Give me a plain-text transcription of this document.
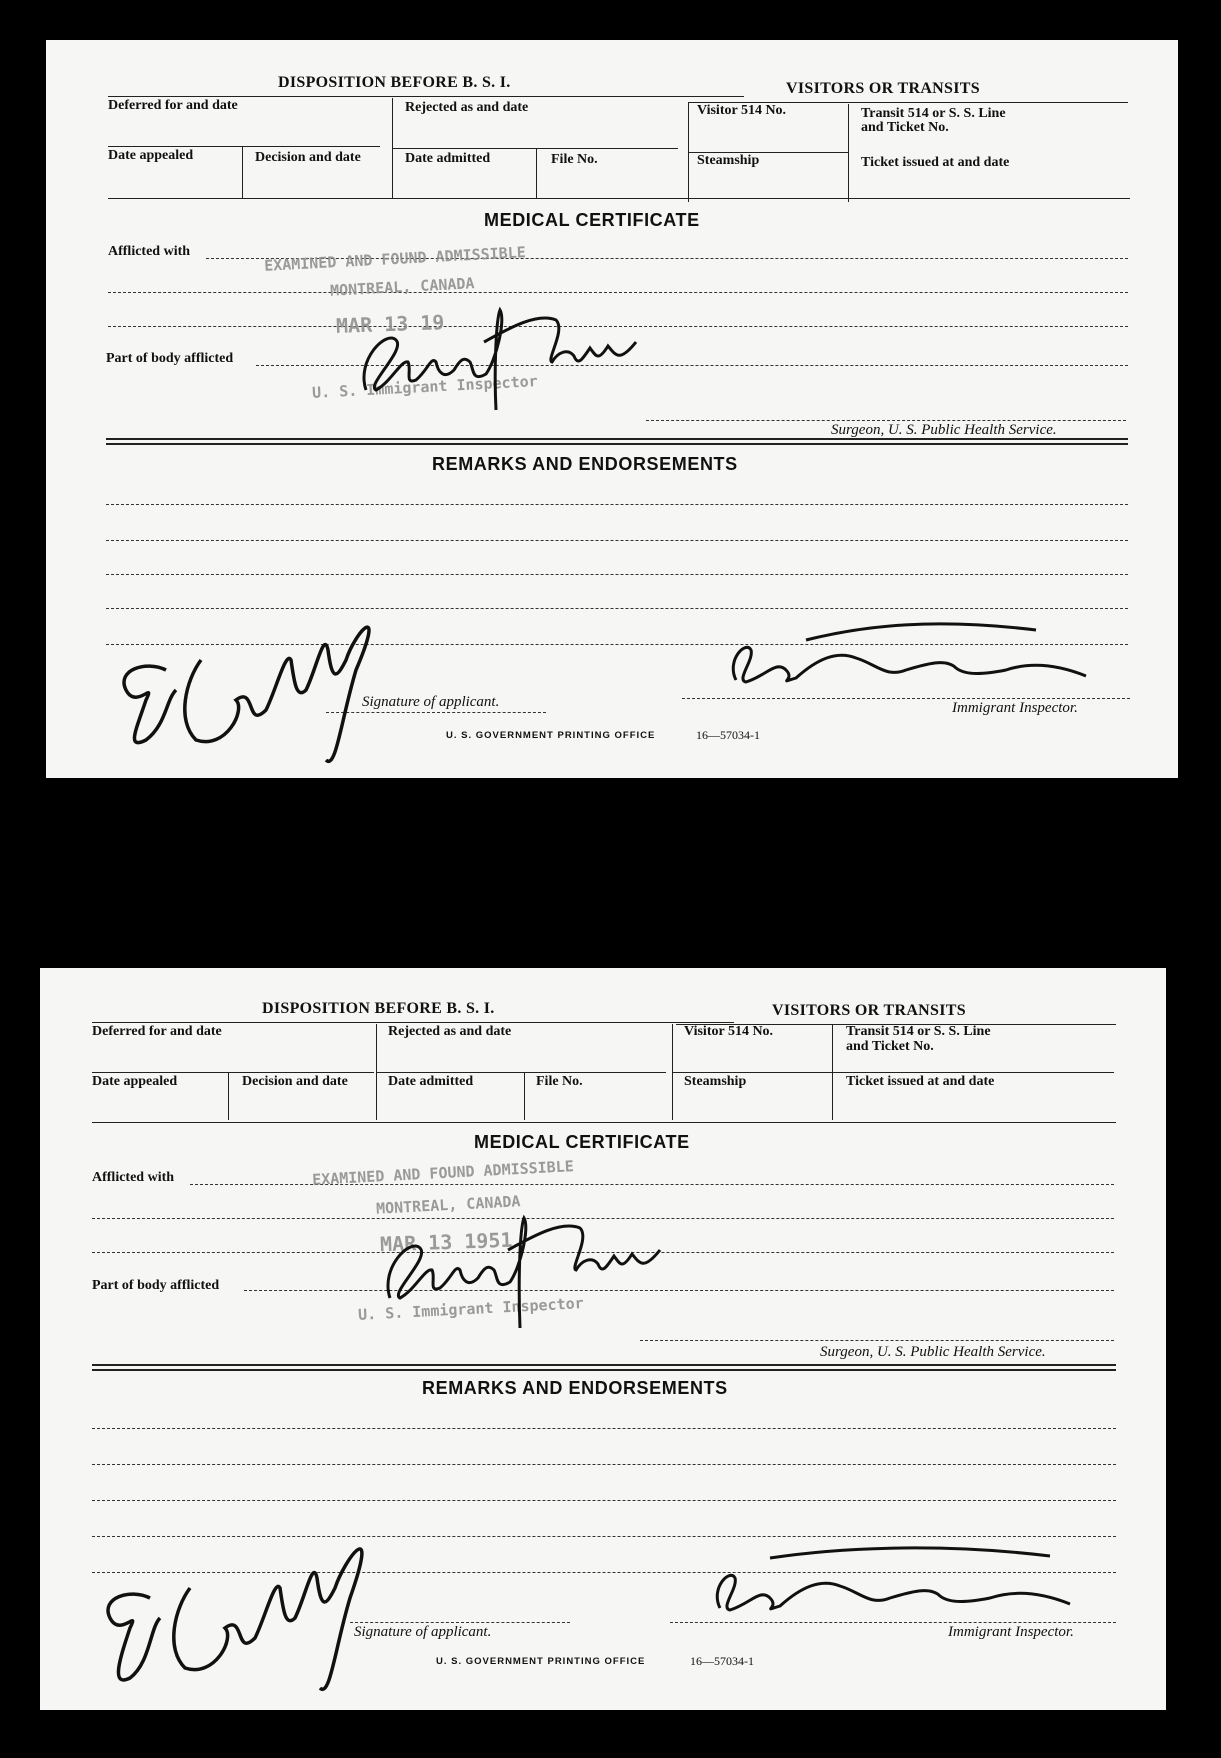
DISPOSITION BEFORE B. S. I.	VISITORS OR TRANSITS
Deferred for and date	Rejected as and date	Visitor 514 No.	Transit 514 or S. S. Line
and Ticket No.
Date appealed	Decision and date	Date admitted	File No.	Steamship	Ticket issued at and date
MEDICAL CERTIFICATE
Afflicted with
Part of body afflicted
Surgeon, U. S. Public Health Service.
EXAMINED AND FOUND ADMISSIBLE
MONTREAL, CANADA
MAR 13 19
U. S. Immigrant Inspector
REMARKS AND ENDORSEMENTS
Signature of applicant.	Immigrant Inspector.
U. S. GOVERNMENT PRINTING OFFICE	16—57034-1
DISPOSITION BEFORE B. S. I.	VISITORS OR TRANSITS
Deferred for and date	Rejected as and date	Visitor 514 No.	Transit 514 or S. S. Line
and Ticket No.
Date appealed	Decision and date	Date admitted	File No.	Steamship	Ticket issued at and date
MEDICAL CERTIFICATE
Afflicted with
Part of body afflicted
Surgeon, U. S. Public Health Service.
EXAMINED AND FOUND ADMISSIBLE
MONTREAL, CANADA
MAR 13 1951
U. S. Immigrant Inspector
REMARKS AND ENDORSEMENTS
Signature of applicant.	Immigrant Inspector.
U. S. GOVERNMENT PRINTING OFFICE	16—57034-1
